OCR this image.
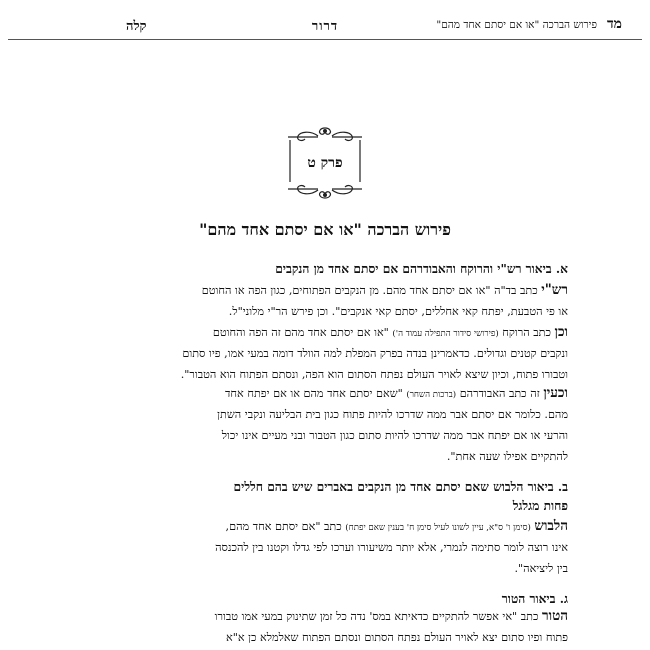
קלה	דרור	מדפירוש הברכה "או אם יסתם אחד מהם"
פרק ט
פירוש הברכה "או אם יסתם אחד מהם"
א. ביאור רש"י והרוקח והאבודרהם אם יסתם אחד מן הנקבים
רש"י כתב בד"ה "או אם יסתם אחד מהם. מן הנקבים הפתוחים, כגון הפה או החוטם
או פי הטבעת, יפתח קאי אחללים, יסתם קאי אנקבים". וכן פירש הר"י מלוני"ל.
וכן כתב הרוקח (פירושי סידור התפילה עמוד ה') "או אם יסתם אחד מהם זה הפה והחוטם
ונקבים קטנים וגדולים. כדאמרינן בנדה בפרק המפלת למה הוולד דומה במעי אמו, פיו סתום
וטבורו פתוח, וכיון שיצא לאויר העולם נפתח הסתום הוא הפה, ונסתם הפתוח הוא הטבור".
וכעין זה כתב האבודרהם (ברכות השחר) "שאם יסתם אחד מהם או אם יפתח אחד
מהם. כלומר אם יסתם אבר ממה שדרכו להיות פתוח כגון בית הבליעה ונקבי השתן
והרעי או אם יפתח אבר ממה שדרכו להיות סתום כגון הטבור ובני מעיים אינו יכול
להתקיים אפילו שעה אחת".
ב. ביאור הלבוש שאם יסתם אחד מן הנקבים באברים שיש בהם חללים
פחות מגלגל
הלבוש (סימן ו' ס"א, עיין לשונו לעיל סימן ח' בענין שאם יפתח) כתב "אם יסתם אחד מהם,
אינו רוצה לומר סתימה לגמרי, אלא יותר משיעורו וערכו לפי גדלו וקטנו בין להכנסה
בין ליציאה".
ג. ביאור הטור
הטור כתב "אי אפשר להתקיים כדאיתא במס' נדה כל זמן שתינוק במעי אמו טבורו
פתוח ופיו סתום יצא לאויר העולם נפתח הסתום ונסתם הפתוח שאלמלא כן א"א
